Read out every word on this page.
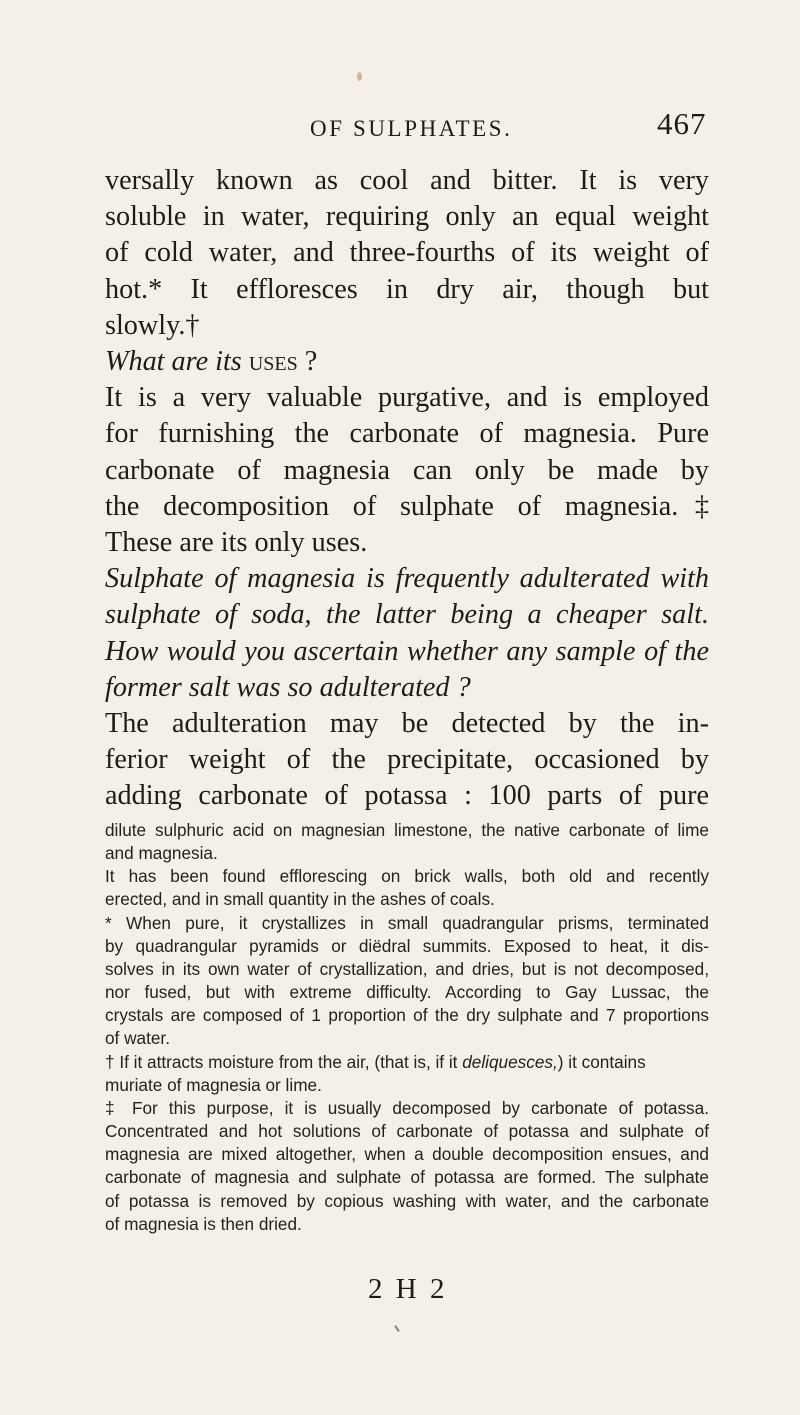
OF SULPHATES.	467
versally known as cool and bitter. It is very
soluble in water, requiring only an equal weight
of cold water, and three-fourths of its weight of
hot.* It effloresces in dry air, though but
slowly.†
What are its uses ?
It is a very valuable purgative, and is employed
for furnishing the carbonate of magnesia. Pure
carbonate of magnesia can only be made by
the decomposition of sulphate of magnesia.‡
These are its only uses.
Sulphate of magnesia is frequently adulterated with
sulphate of soda, the latter being a cheaper salt.
How would you ascertain whether any sample of the
former salt was so adulterated ?
The adulteration may be detected by the in-
ferior weight of the precipitate, occasioned by
adding carbonate of potassa : 100 parts of pure
dilute sulphuric acid on magnesian limestone, the native carbonate of lime
and magnesia.
It has been found efflorescing on brick walls, both old and recently
erected, and in small quantity in the ashes of coals.
* When pure, it crystallizes in small quadrangular prisms, terminated
by quadrangular pyramids or diëdral summits. Exposed to heat, it dis-
solves in its own water of crystallization, and dries, but is not decomposed,
nor fused, but with extreme difficulty. According to Gay Lussac, the
crystals are composed of 1 proportion of the dry sulphate and 7 proportions
of water.
† If it attracts moisture from the air, (that is, if it deliquesces,) it contains
muriate of magnesia or lime.
‡ For this purpose, it is usually decomposed by carbonate of potassa.
Concentrated and hot solutions of carbonate of potassa and sulphate of
magnesia are mixed altogether, when a double decomposition ensues, and
carbonate of magnesia and sulphate of potassa are formed. The sulphate
of potassa is removed by copious washing with water, and the carbonate
of magnesia is then dried.
2 H 2
